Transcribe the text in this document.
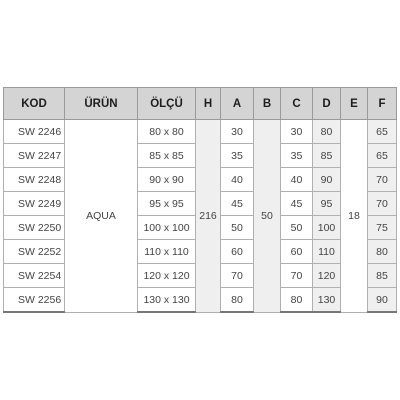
KOD	ÜRÜN	ÖLÇÜ	H	A	B	C	D	E	F
SW 2246	AQUA	80 x 80	216	30	50	30	80	18	65
SW 2247		85 x 85		35		35	85		65
SW 2248		90 x 90		40		40	90		70
SW 2249		95 x 95		45		45	95		70
SW 2250		100 x 100		50		50	100		75
SW 2252		110 x 110		60		60	110		80
SW 2254		120 x 120		70		70	120		85
SW 2256		130 x 130		80		80	130		90
